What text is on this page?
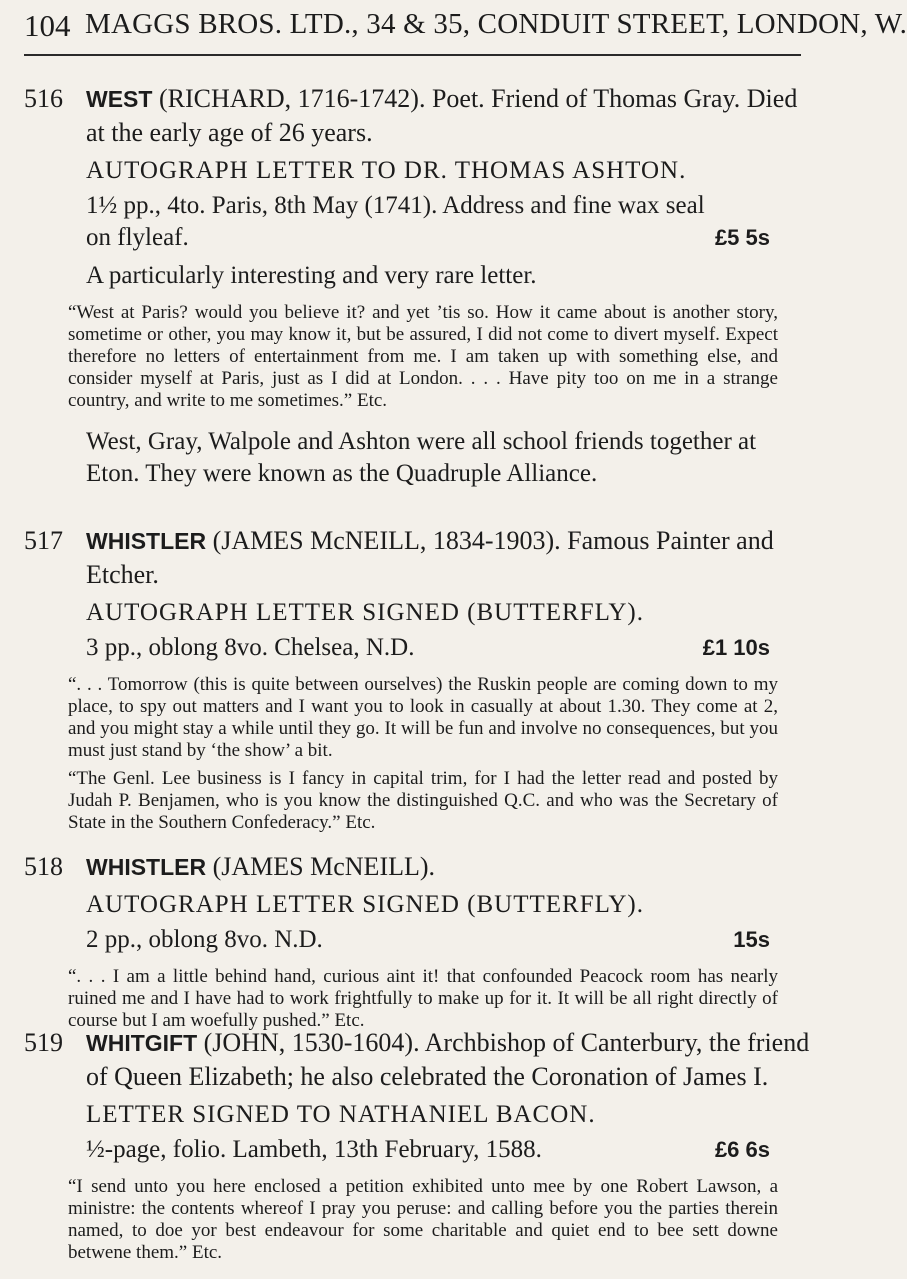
104 MAGGS BROS. LTD., 34 & 35, CONDUIT STREET, LONDON, W.
516 WEST (RICHARD, 1716-1742). Poet. Friend of Thomas Gray. Died
at the early age of 26 years.
AUTOGRAPH LETTER TO DR. THOMAS ASHTON.
1½ pp., 4to. Paris, 8th May (1741). Address and fine wax seal
on flyleaf.	£5 5s
A particularly interesting and very rare letter.
“West at Paris? would you believe it? and yet ’tis so. How it came about is another story, sometime or other, you may know it, but be assured, I did not come to divert myself. Expect therefore no letters of entertainment from me. I am taken up with something else, and consider myself at Paris, just as I did at London. . . . Have pity too on me in a strange country, and write to me sometimes.” Etc.
West, Gray, Walpole and Ashton were all school friends together at Eton. They were known as the Quadruple Alliance.
517 WHISTLER (JAMES McNEILL, 1834-1903). Famous Painter and
Etcher.
AUTOGRAPH LETTER SIGNED (BUTTERFLY).
3 pp., oblong 8vo. Chelsea, N.D.	£1 10s
“. . . Tomorrow (this is quite between ourselves) the Ruskin people are coming down to my place, to spy out matters and I want you to look in casually at about 1.30. They come at 2, and you might stay a while until they go. It will be fun and involve no consequences, but you must just stand by ‘the show’ a bit.
“The Genl. Lee business is I fancy in capital trim, for I had the letter read and posted by Judah P. Benjamen, who is you know the distinguished Q.C. and who was the Secretary of State in the Southern Confederacy.” Etc.
518 WHISTLER (JAMES McNEILL).
AUTOGRAPH LETTER SIGNED (BUTTERFLY).
2 pp., oblong 8vo. N.D.	15s
“. . . I am a little behind hand, curious aint it! that confounded Peacock room has nearly ruined me and I have had to work frightfully to make up for it. It will be all right directly of course but I am woefully pushed.” Etc.
519 WHITGIFT (JOHN, 1530-1604). Archbishop of Canterbury, the friend
of Queen Elizabeth; he also celebrated the Coronation of James I.
LETTER SIGNED TO NATHANIEL BACON.
½-page, folio. Lambeth, 13th February, 1588.	£6 6s
“I send unto you here enclosed a petition exhibited unto mee by one Robert Lawson, a ministre: the contents whereof I pray you peruse: and calling before you the parties therein named, to doe yor best endeavour for some charitable and quiet end to bee sett downe betwene them.” Etc.
